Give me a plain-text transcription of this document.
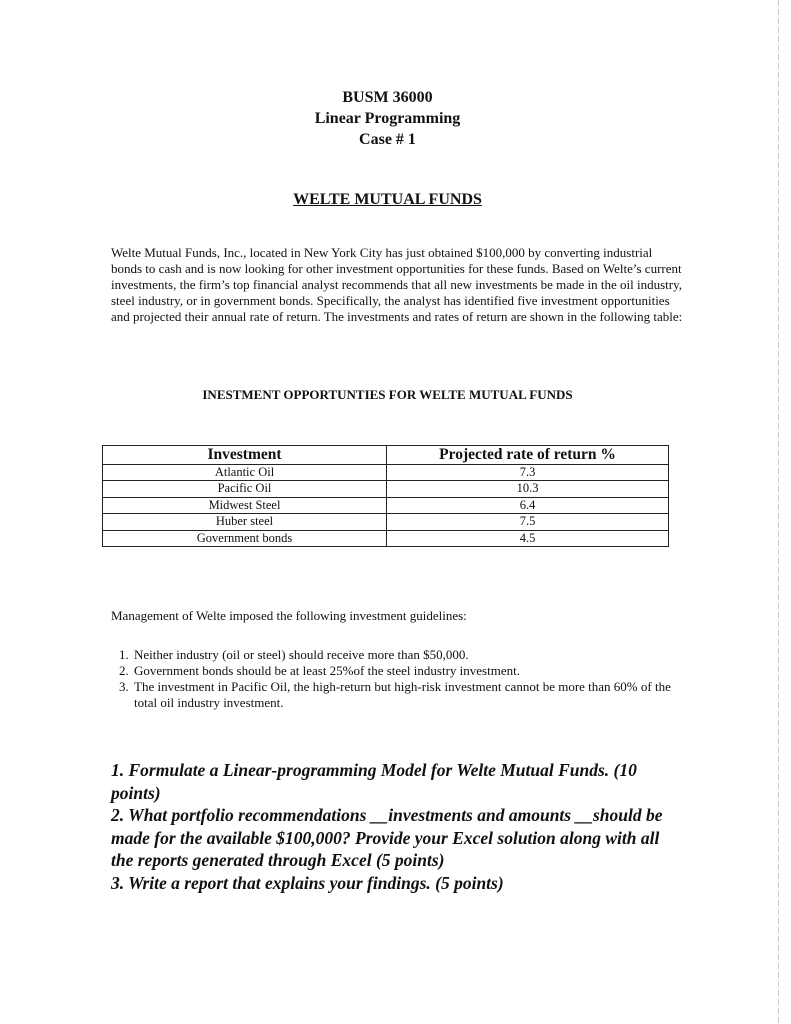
BUSM 36000
Linear Programming
Case # 1
WELTE MUTUAL FUNDS
Welte Mutual Funds, Inc., located in New York City has just obtained $100,000 by converting industrial bonds to cash and is now looking for other investment opportunities for these funds. Based on Welte’s current investments, the firm’s top financial analyst recommends that all new investments be made in the oil industry, steel industry, or in government bonds. Specifically, the analyst has identified five investment opportunities and projected their annual rate of return. The investments and rates of return are shown in the following table:
INESTMENT OPPORTUNTIES FOR WELTE MUTUAL FUNDS
Investment	Projected rate of return %
Atlantic Oil	7.3
Pacific Oil	10.3
Midwest Steel	6.4
Huber steel	7.5
Government bonds	4.5
Management of Welte imposed the following investment guidelines:
1. Neither industry (oil or steel) should receive more than $50,000.
2. Government bonds should be at least 25%of the steel industry investment.
3. The investment in Pacific Oil, the high-return but high-risk investment cannot be more than 60% of the total oil industry investment.
1. Formulate a Linear-programming Model for Welte Mutual Funds. (10 points)
2. What portfolio recommendations __investments and amounts __should be made for the available $100,000? Provide your Excel solution along with all the reports generated through Excel (5 points)
3. Write a report that explains your findings. (5 points)
